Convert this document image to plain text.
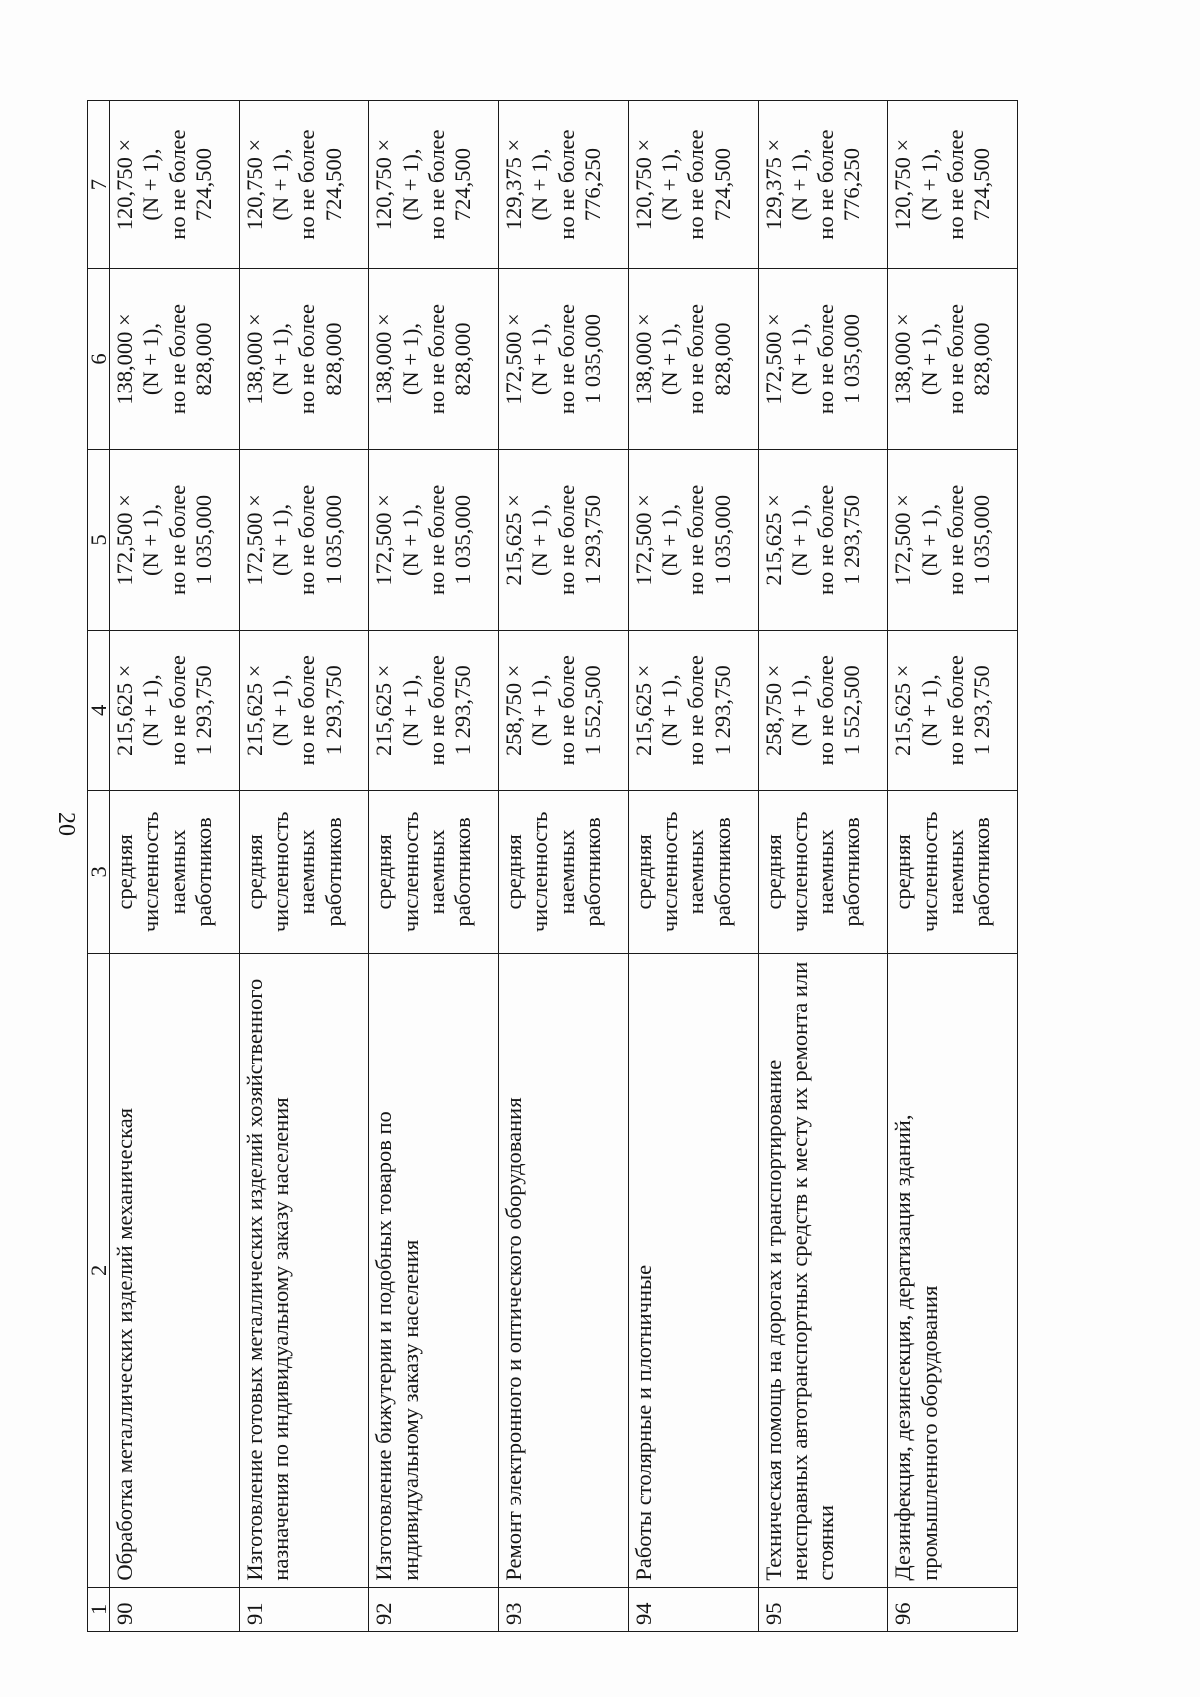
20
1	2	3	4	5	6	7
90	Обработка металлических изделий механическая	средняя численность наемных работников	215,625 × (N + 1), но не более 1 293,750	172,500 × (N + 1), но не более 1 035,000	138,000 × (N + 1), но не более 828,000	120,750 × (N + 1), но не более 724,500

91	Изготовление готовых металлических изделий хозяйственного назначения по индивидуальному заказу населения	средняя численность наемных работников	215,625 × (N + 1), но не более 1 293,750	172,500 × (N + 1), но не более 1 035,000	138,000 × (N + 1), но не более 828,000	120,750 × (N + 1), но не более 724,500

92	Изготовление бижутерии и подобных товаров по индивидуальному заказу населения	средняя численность наемных работников	215,625 × (N + 1), но не более 1 293,750	172,500 × (N + 1), но не более 1 035,000	138,000 × (N + 1), но не более 828,000	120,750 × (N + 1), но не более 724,500

93	Ремонт электронного и оптического оборудования	средняя численность наемных работников	258,750 × (N + 1), но не более 1 552,500	215,625 × (N + 1), но не более 1 293,750	172,500 × (N + 1), но не более 1 035,000	129,375 × (N + 1), но не более 776,250

94	Работы столярные и плотничные	средняя численность наемных работников	215,625 × (N + 1), но не более 1 293,750	172,500 × (N + 1), но не более 1 035,000	138,000 × (N + 1), но не более 828,000	120,750 × (N + 1), но не более 724,500

95	Техническая помощь на дорогах и транспортирование неисправных автотранспортных средств к месту их ремонта или стоянки	средняя численность наемных работников	258,750 × (N + 1), но не более 1 552,500	215,625 × (N + 1), но не более 1 293,750	172,500 × (N + 1), но не более 1 035,000	129,375 × (N + 1), но не более 776,250

96	Дезинфекция, дезинсекция, дератизация зданий, промышленного оборудования	средняя численность наемных работников	215,625 × (N + 1), но не более 1 293,750	172,500 × (N + 1), но не более 1 035,000	138,000 × (N + 1), но не более 828,000	120,750 × (N + 1), но не более 724,500
